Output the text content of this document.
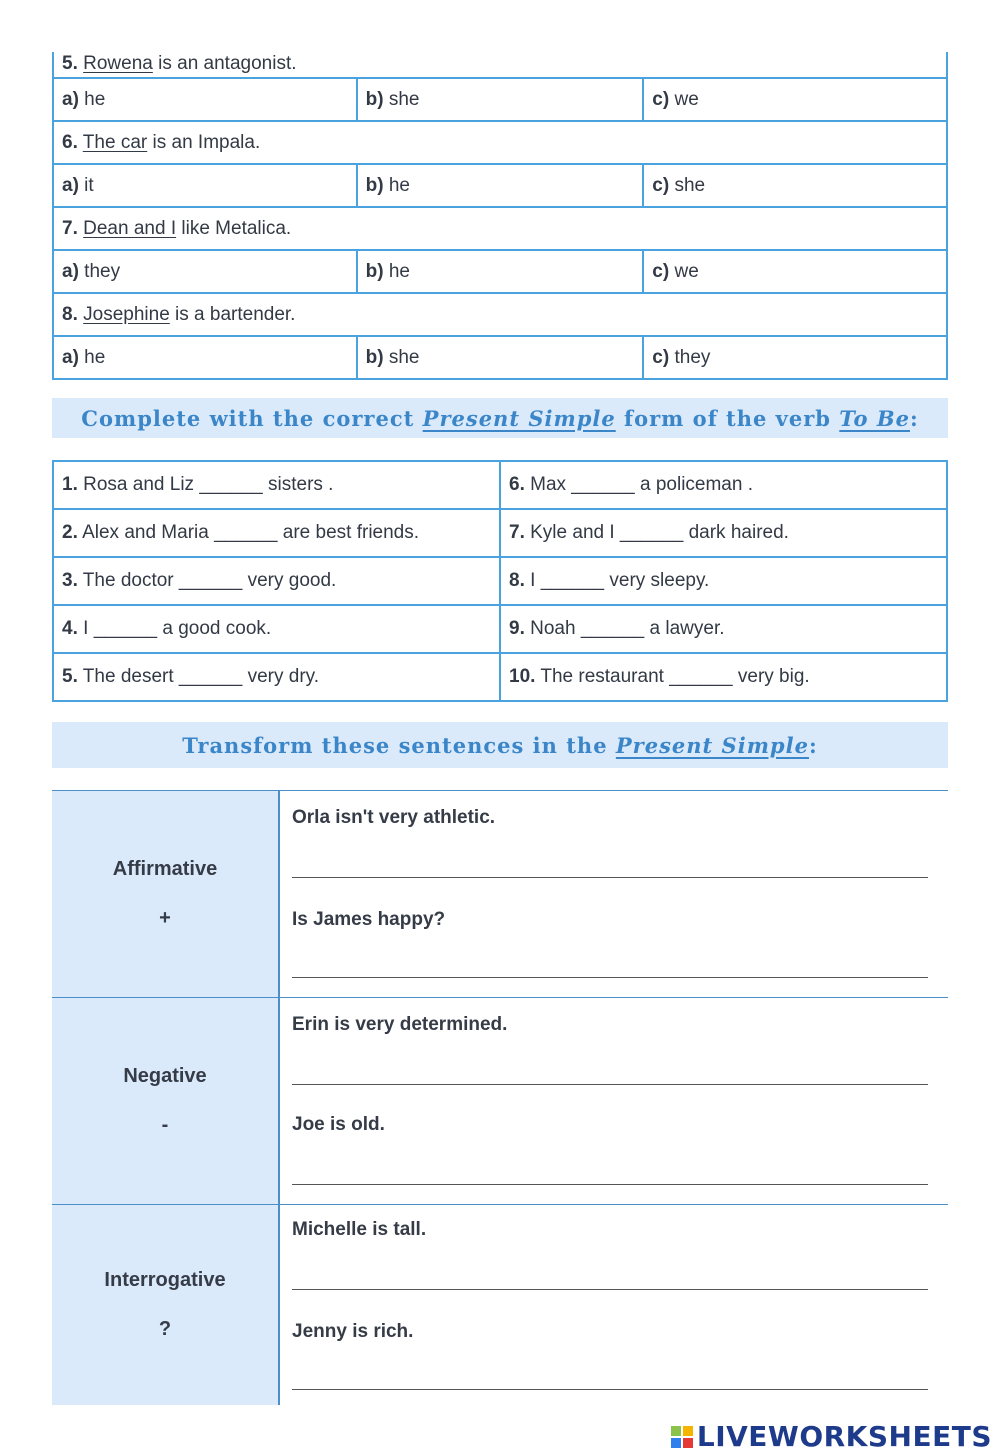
5. Rowena is an antagonist.		
a) he	b) she	c) we
6. The car is an Impala.		
a) it	b) he	c) she
7. Dean and I like Metalica.		
a) they	b) he	c) we
8. Josephine is a bartender.		
a) he	b) she	c) they
Complete with the correct Present Simple form of the verb To Be:
1. Rosa and Liz ______ sisters .	6. Max ______ a policeman .
2. Alex and Maria ______ are best friends.	7. Kyle and I ______ dark haired.
3. The doctor ______ very good.	8. I ______ very sleepy.
4. I ______ a good cook.	9. Noah ______ a lawyer.
5. The desert ______ very dry.	10. The restaurant ______ very big.
Transform these sentences in the Present Simple:
Affirmative
+
Orla isn't very athletic.
Is James happy?
Negative
-
Erin is very determined.
Joe is old.
Interrogative
?
Michelle is tall.
Jenny is rich.
LIVEWORKSHEETS
